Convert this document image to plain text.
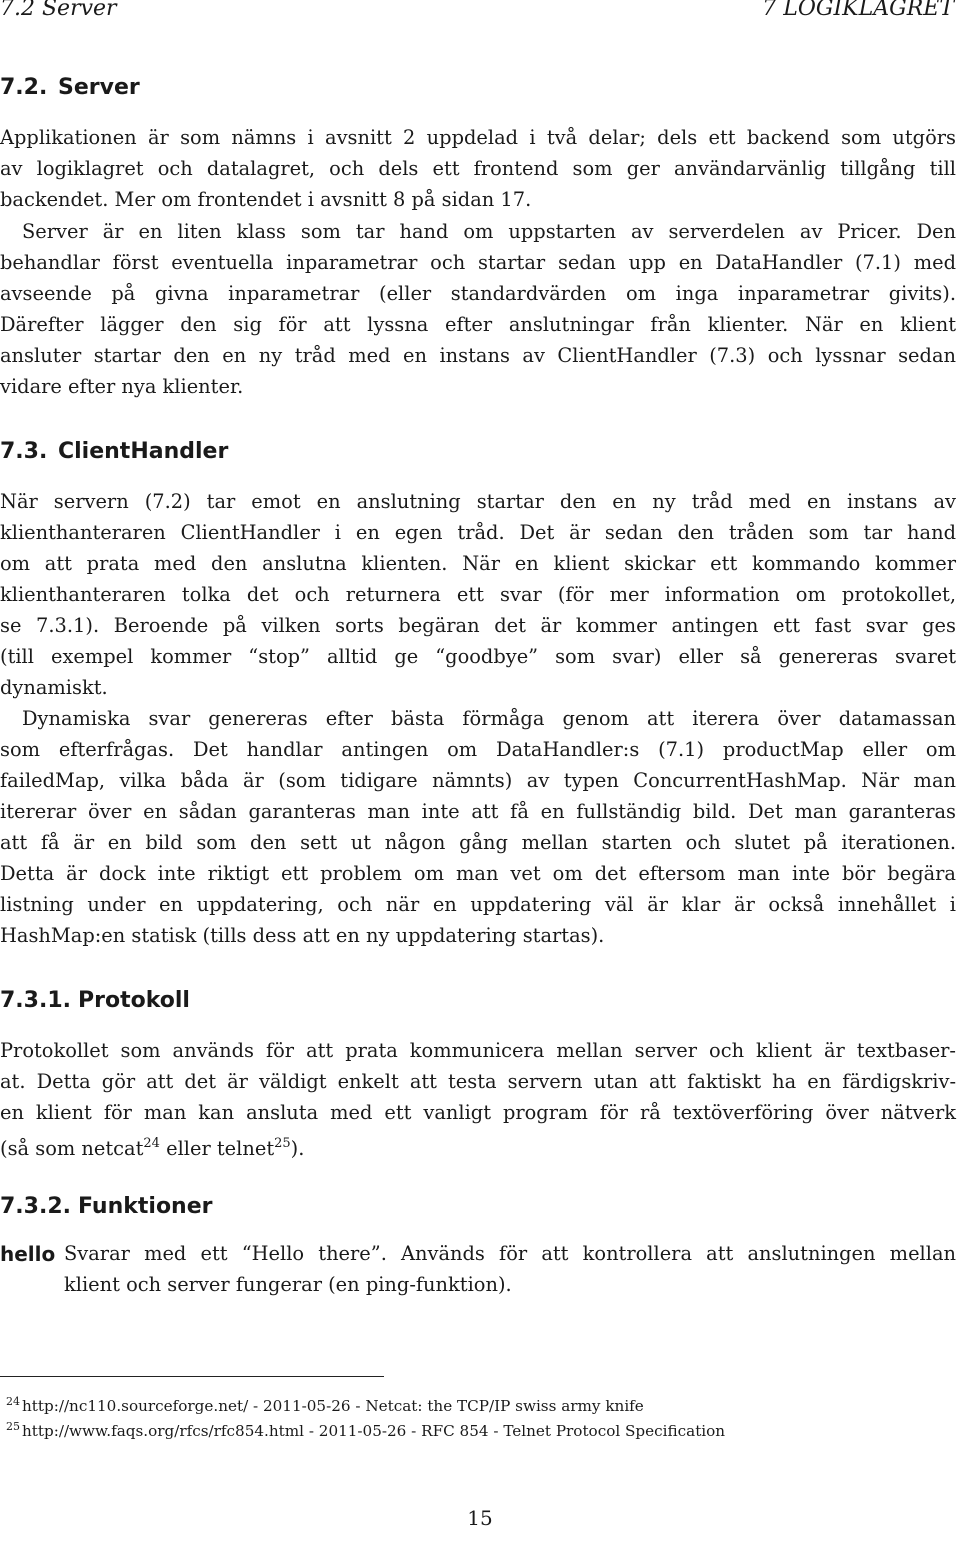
7.2 Server	7 LOGIKLAGRET
7.2. Server

Applikationen är som nämns i avsnitt 2 uppdelad i två delar; dels ett backend som utgörs
av logiklagret och datalagret, och dels ett frontend som ger användarvänlig tillgång till
backendet. Mer om frontendet i avsnitt 8 på sidan 17.

Server är en liten klass som tar hand om uppstarten av serverdelen av Pricer. Den
behandlar först eventuella inparametrar och startar sedan upp en DataHandler (7.1) med
avseende på givna inparametrar (eller standardvärden om inga inparametrar givits).
Därefter lägger den sig för att lyssna efter anslutningar från klienter. När en klient
ansluter startar den en ny tråd med en instans av ClientHandler (7.3) och lyssnar sedan
vidare efter nya klienter.

7.3. ClientHandler

När servern (7.2) tar emot en anslutning startar den en ny tråd med en instans av
klienthanteraren ClientHandler i en egen tråd. Det är sedan den tråden som tar hand
om att prata med den anslutna klienten. När en klient skickar ett kommando kommer
klienthanteraren tolka det och returnera ett svar (för mer information om protokollet,
se 7.3.1). Beroende på vilken sorts begäran det är kommer antingen ett fast svar ges
(till exempel kommer “stop” alltid ge “goodbye” som svar) eller så genereras svaret
dynamiskt.

Dynamiska svar genereras efter bästa förmåga genom att iterera över datamassan
som efterfrågas. Det handlar antingen om DataHandler:s (7.1) productMap eller om
failedMap, vilka båda är (som tidigare nämnts) av typen ConcurrentHashMap. När man
itererar över en sådan garanteras man inte att få en fullständig bild. Det man garanteras
att få är en bild som den sett ut någon gång mellan starten och slutet på iterationen.
Detta är dock inte riktigt ett problem om man vet om det eftersom man inte bör begära
listning under en uppdatering, och när en uppdatering väl är klar är också innehållet i
HashMap:en statisk (tills dess att en ny uppdatering startas).

7.3.1. Protokoll

Protokollet som används för att prata kommunicera mellan server och klient är textbaser-
at. Detta gör att det är väldigt enkelt att testa servern utan att faktiskt ha en färdigskriv-
en klient för man kan ansluta med ett vanligt program för rå textöverföring över nätverk
(så som netcat$^{24}$ eller telnet$^{25}$).

7.3.2. Funktioner
hello Svarar med ett “Hello there”. Används för att kontrollera att anslutningen mellan
klient och server fungerar (en ping-funktion).
$^{24}$ http://nc110.sourceforge.net/ - 2011-05-26 - Netcat: the TCP/IP swiss army knife
$^{25}$ http://www.faqs.org/rfcs/rfc854.html - 2011-05-26 - RFC 854 - Telnet Protocol Specification
15
